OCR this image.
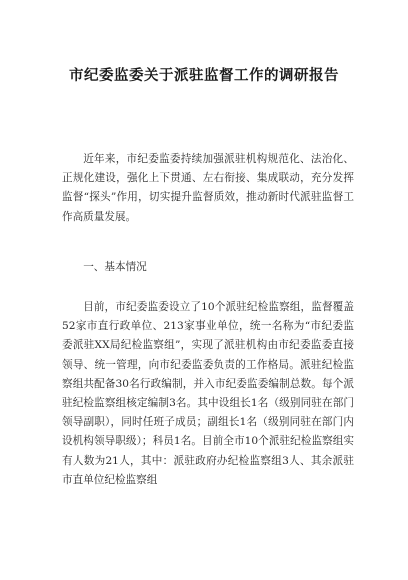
市纪委监委关于派驻监督工作的调研报告

近年来，市纪委监委持续加强派驻机构规范化、法治化、正规化建设，强化上下贯通、左右衔接、集成联动，充分发挥监督“探头”作用，切实提升监督质效，推动新时代派驻监督工作高质量发展。

一、基本情况

目前，市纪委监委设立了10个派驻纪检监察组，监督覆盖52家市直行政单位、213家事业单位，统一名称为“市纪委监委派驻XX局纪检监察组”，实现了派驻机构由市纪委监委直接领导、统一管理，向市纪委监委负责的工作格局。派驻纪检监察组共配备30名行政编制，并入市纪委监委编制总数。每个派驻纪检监察组核定编制3名。其中设组长1名（级别同驻在部门领导副职），同时任班子成员；副组长1名（级别同驻在部门内设机构领导职级）；科员1名。目前全市10个派驻纪检监察组实有人数为21人，其中：派驻政府办纪检监察组3人、其余派驻市直单位纪检监察组
